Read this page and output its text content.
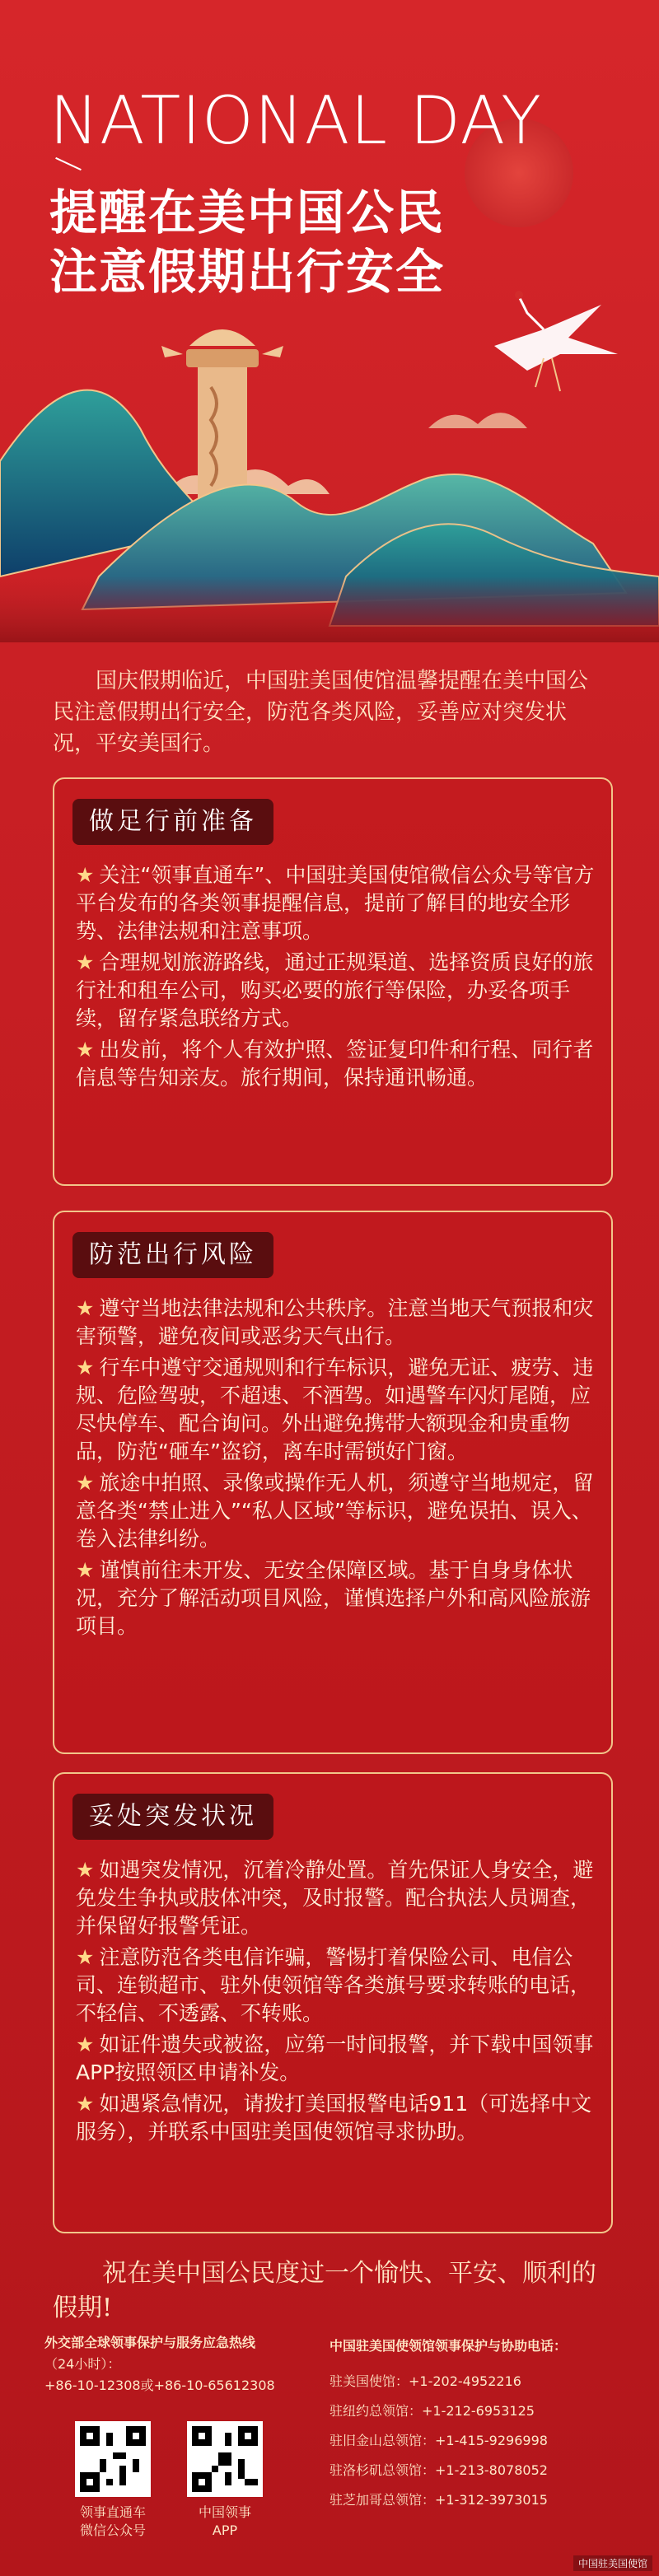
NATIONAL DAY
提醒在美中国公民
注意假期出行安全
国庆假期临近，中国驻美国使馆温馨提醒在美中国公民注意假期出行安全，防范各类风险，妥善应对突发状况，平安美国行。
做足行前准备
★ 关注“领事直通车”、中国驻美国使馆微信公众号等官方平台发布的各类领事提醒信息，提前了解目的地安全形势、法律法规和注意事项。
★ 合理规划旅游路线，通过正规渠道、选择资质良好的旅行社和租车公司，购买必要的旅行等保险，办妥各项手续，留存紧急联络方式。
★ 出发前，将个人有效护照、签证复印件和行程、同行者信息等告知亲友。旅行期间，保持通讯畅通。
防范出行风险
★ 遵守当地法律法规和公共秩序。注意当地天气预报和灾害预警，避免夜间或恶劣天气出行。
★ 行车中遵守交通规则和行车标识，避免无证、疲劳、违规、危险驾驶，不超速、不酒驾。如遇警车闪灯尾随，应尽快停车、配合询问。外出避免携带大额现金和贵重物品，防范“砸车”盗窃，离车时需锁好门窗。
★ 旅途中拍照、录像或操作无人机，须遵守当地规定，留意各类“禁止进入”“私人区域”等标识，避免误拍、误入、卷入法律纠纷。
★ 谨慎前往未开发、无安全保障区域。基于自身身体状况，充分了解活动项目风险，谨慎选择户外和高风险旅游项目。
妥处突发状况
★ 如遇突发情况，沉着冷静处置。首先保证人身安全，避免发生争执或肢体冲突，及时报警。配合执法人员调查，并保留好报警凭证。
★ 注意防范各类电信诈骗，警惕打着保险公司、电信公司、连锁超市、驻外使领馆等各类旗号要求转账的电话，不轻信、不透露、不转账。
★ 如证件遗失或被盗，应第一时间报警，并下载中国领事APP按照领区申请补发。
★ 如遇紧急情况，请拨打美国报警电话911（可选择中文服务），并联系中国驻美国使领馆寻求协助。
祝在美中国公民度过一个愉快、平安、顺利的假期!
外交部全球领事保护与服务应急热线
（24小时）：
+86-10-12308或+86-10-65612308
领事直通车
微信公众号
中国领事
APP
中国驻美国使领馆领事保护与协助电话：
驻美国使馆：+1-202-4952216
驻纽约总领馆：+1-212-6953125
驻旧金山总领馆：+1-415-9296998
驻洛杉矶总领馆：+1-213-8078052
驻芝加哥总领馆：+1-312-3973015
中国驻美国使馆
